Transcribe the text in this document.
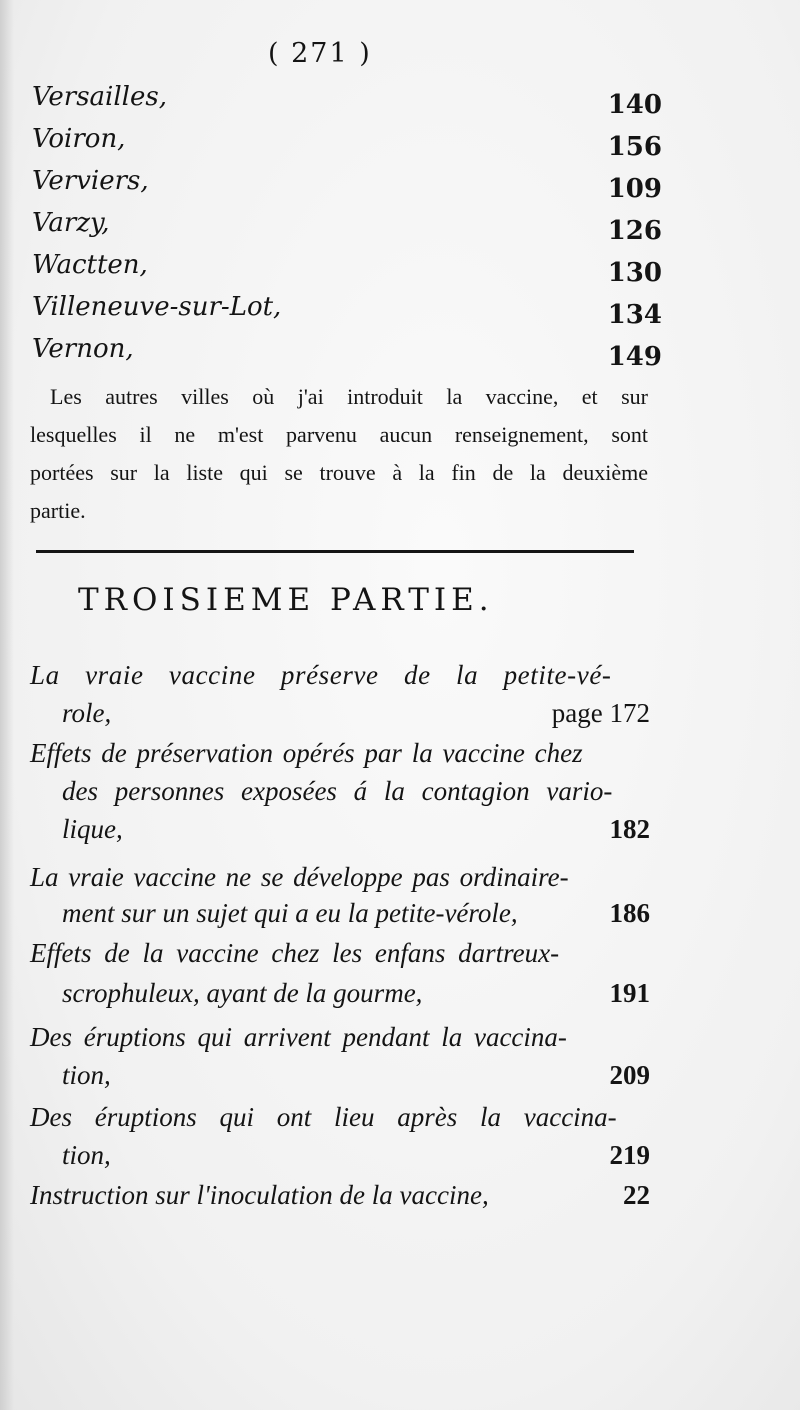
( 271 )
Versailles,	140
Voiron,	156
Verviers,	109
Varzy,	126
Wactten,	130
Villeneuve-sur-Lot,	134
Vernon,	149
Les autres villes où j'ai introduit la vaccine, et sur
lesquelles il ne m'est parvenu aucun renseignement, sont
portées sur la liste qui se trouve à la fin de la deuxième
partie.
TROISIEME PARTIE.
La vraie vaccine préserve de la petite-vé-
role,	page 172
Effets de préservation opérés par la vaccine chez
des personnes exposées á la contagion vario-
lique,	182
La vraie vaccine ne se développe pas ordinaire-
ment sur un sujet qui a eu la petite-vérole,	186
Effets de la vaccine chez les enfans dartreux-
scrophuleux, ayant de la gourme,	191
Des éruptions qui arrivent pendant la vaccina-
tion,	209
Des éruptions qui ont lieu après la vaccina-
tion,	219
Instruction sur l'inoculation de la vaccine,	22
